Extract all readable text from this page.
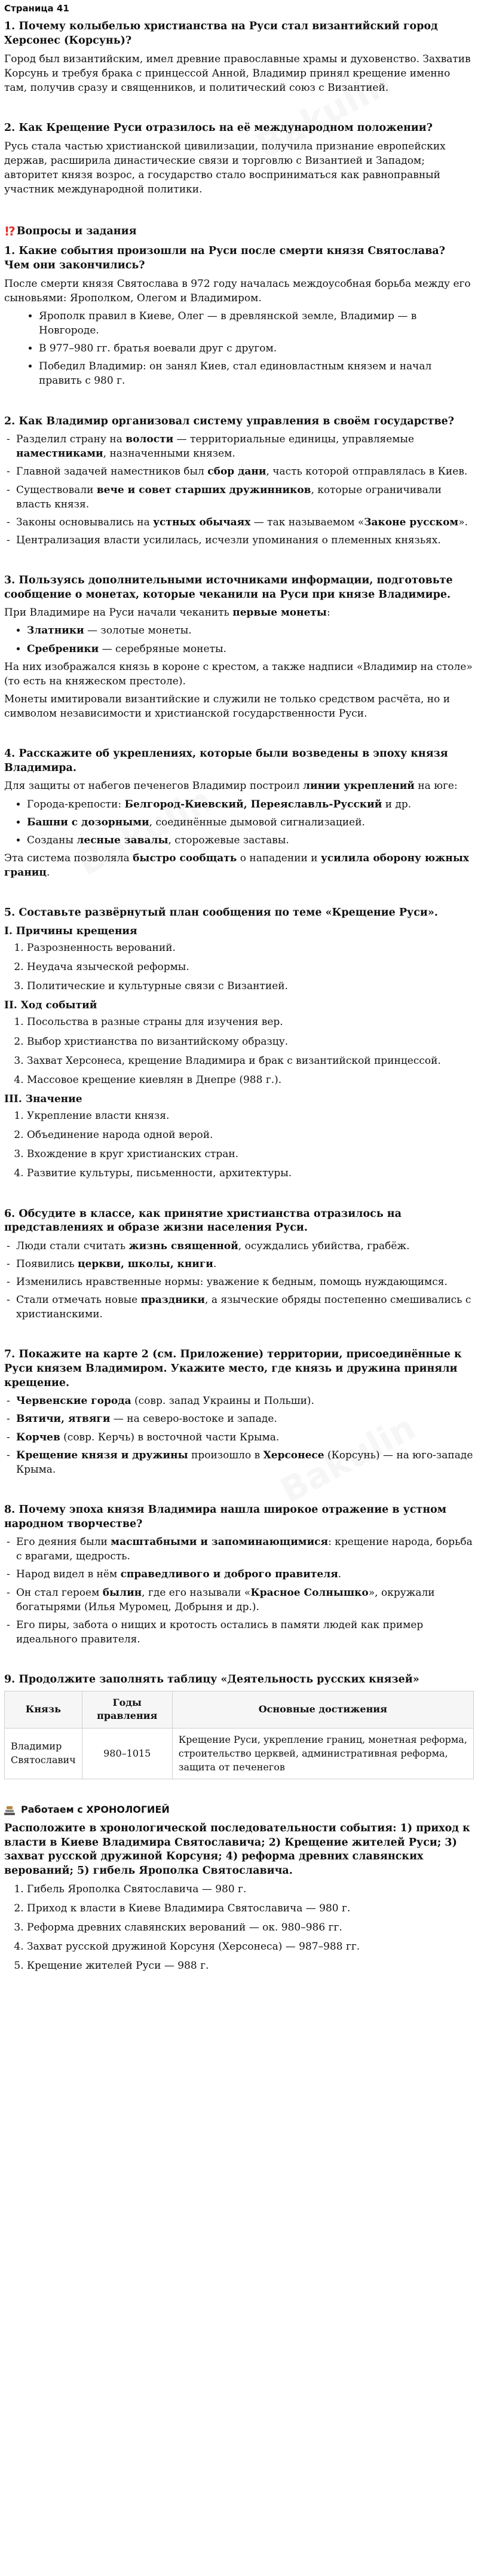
Страница 41
1. Почему колыбелью христианства на Руси стал византийский город Херсонес (Корсунь)?

Город был византийским, имел древние православные храмы и духовенство. Захватив Корсунь и требуя брака с принцессой Анной, Владимир принял крещение именно там, получив сразу и священников, и политический союз с Византией.

2. Как Крещение Руси отразилось на её международном положении?

Русь стала частью христианской цивилизации, получила признание европейских держав, расширила династические связи и торговлю с Византией и Западом; авторитет князя возрос, а государство стало восприниматься как равноправный участник международной политики.

!? Вопросы и задания
1. Какие события произошли на Руси после смерти князя Святослава? Чем они закончились?

После смерти князя Святослава в 972 году началась междоусобная борьба между его сыновьями: Ярополком, Олегом и Владимиром.

• Ярополк правил в Киеве, Олег — в древлянской земле, Владимир — в Новгороде.
• В 977–980 гг. братья воевали друг с другом.
• Победил Владимир: он занял Киев, стал единовластным князем и начал править с 980 г.
2. Как Владимир организовал систему управления в своём государстве?
- Разделил страну на волости — территориальные единицы, управляемые наместниками, назначенными князем.
- Главной задачей наместников был сбор дани, часть которой отправлялась в Киев.
- Существовали вече и совет старших дружинников, которые ограничивали власть князя.
- Законы основывались на устных обычаях — так называемом «Законе русском».
- Централизация власти усилилась, исчезли упоминания о племенных князьях.
3. Пользуясь дополнительными источниками информации, подготовьте сообщение о монетах, которые чеканили на Руси при князе Владимире.

При Владимире на Руси начали чеканить первые монеты:

• Златники — золотые монеты.
• Сребреники — серебряные монеты.

На них изображался князь в короне с крестом, а также надписи «Владимир на столе» (то есть на княжеском престоле).

Монеты имитировали византийские и служили не только средством расчёта, но и символом независимости и христианской государственности Руси.

4. Расскажите об укреплениях, которые были возведены в эпоху князя Владимира.

Для защиты от набегов печенегов Владимир построил линии укреплений на юге:

• Города-крепости: Белгород-Киевский, Переяславль-Русский и др.
• Башни с дозорными, соединённые дымовой сигнализацией.
• Созданы лесные завалы, сторожевые заставы.

Эта система позволяла быстро сообщать о нападении и усилила оборону южных границ.

5. Составьте развёрнутый план сообщения по теме «Крещение Руси».
I. Причины крещения
1. Разрозненность верований.
2. Неудача языческой реформы.
3. Политические и культурные связи с Византией.
II. Ход событий
1. Посольства в разные страны для изучения вер.
2. Выбор христианства по византийскому образцу.
3. Захват Херсонеса, крещение Владимира и брак с византийской принцессой.
4. Массовое крещение киевлян в Днепре (988 г.).
III. Значение
1. Укрепление власти князя.
2. Объединение народа одной верой.
3. Вхождение в круг христианских стран.
4. Развитие культуры, письменности, архитектуры.
6. Обсудите в классе, как принятие христианства отразилось на представлениях и образе жизни населения Руси.
- Люди стали считать жизнь священной, осуждались убийства, грабёж.
- Появились церкви, школы, книги.
- Изменились нравственные нормы: уважение к бедным, помощь нуждающимся.
- Стали отмечать новые праздники, а языческие обряды постепенно смешивались с христианскими.
7. Покажите на карте 2 (см. Приложение) территории, присоединённые к Руси князем Владимиром. Укажите место, где князь и дружина приняли крещение.
- Червенские города (совр. запад Украины и Польши).
- Вятичи, ятвяги — на северо-востоке и западе.
- Корчев (совр. Керчь) в восточной части Крыма.
- Крещение князя и дружины произошло в Херсонесе (Корсунь) — на юго-западе Крыма.
8. Почему эпоха князя Владимира нашла широкое отражение в устном народном творчестве?
- Его деяния были масштабными и запоминающимися: крещение народа, борьба с врагами, щедрость.
- Народ видел в нём справедливого и доброго правителя.
- Он стал героем былин, где его называли «Красное Солнышко», окружали богатырями (Илья Муромец, Добрыня и др.).
- Его пиры, забота о нищих и кротость остались в памяти людей как пример идеального правителя.
9. Продолжите заполнять таблицу «Деятельность русских князей»
Князь	Годы правления	Основные достижения
Владимир Святославич	980–1015	Крещение Руси, укрепление границ, монетная реформа, строительство церквей, административная реформа, защита от печенегов
Работаем с ХРОНОЛОГИЕЙ
Расположите в хронологической последовательности события: 1) приход к власти в Киеве Владимира Святославича; 2) Крещение жителей Руси; 3) захват русской дружиной Корсуня; 4) реформа древних славянских верований; 5) гибель Ярополка Святославича.
1. Гибель Ярополка Святославича — 980 г.
2. Приход к власти в Киеве Владимира Святославича — 980 г.
3. Реформа древних славянских верований — ок. 980–986 гг.
4. Захват русской дружиной Корсуня (Херсонеса) — 987–988 гг.
5. Крещение жителей Руси — 988 г.
